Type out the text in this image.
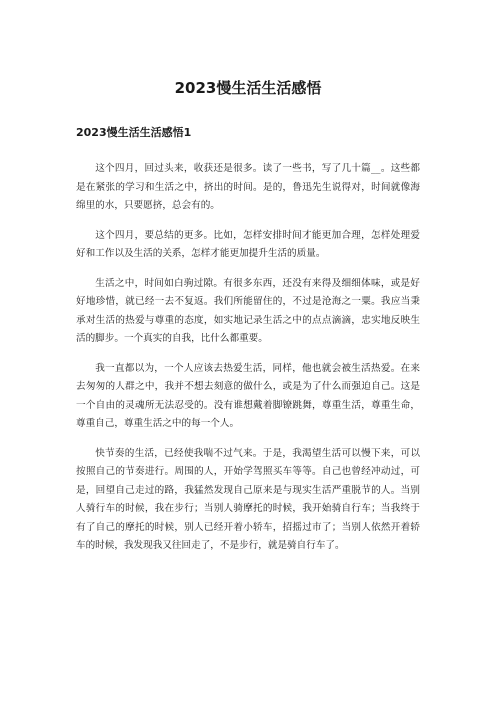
2023慢生活生活感悟
2023慢生活生活感悟1

这个四月，回过头来，收获还是很多。读了一些书，写了几十篇__。这些都是在紧张的学习和生活之中，挤出的时间。是的，鲁迅先生说得对，时间就像海绵里的水，只要愿挤，总会有的。

这个四月，要总结的更多。比如，怎样安排时间才能更加合理，怎样处理爱好和工作以及生活的关系，怎样才能更加提升生活的质量。

生活之中，时间如白驹过隙。有很多东西，还没有来得及细细体味，或是好好地珍惜，就已经一去不复返。我们所能留住的，不过是沧海之一粟。我应当秉承对生活的热爱与尊重的态度，如实地记录生活之中的点点滴滴，忠实地反映生活的脚步。一个真实的自我，比什么都重要。

我一直都以为，一个人应该去热爱生活，同样，他也就会被生活热爱。在来去匆匆的人群之中，我并不想去刻意的做什么，或是为了什么而强迫自己。这是一个自由的灵魂所无法忍受的。没有谁想戴着脚镣跳舞，尊重生活，尊重生命，尊重自己，尊重生活之中的每一个人。

快节奏的生活，已经使我喘不过气来。于是，我渴望生活可以慢下来，可以按照自己的节奏进行。周围的人，开始学驾照买车等等。自己也曾经冲动过，可是，回望自己走过的路，我猛然发现自己原来是与现实生活严重脱节的人。当别人骑行车的时候，我在步行；当别人骑摩托的时候，我开始骑自行车；当我终于有了自己的摩托的时候，别人已经开着小轿车，招摇过市了；当别人依然开着轿车的时候，我发现我又往回走了，不是步行，就是骑自行车了。
